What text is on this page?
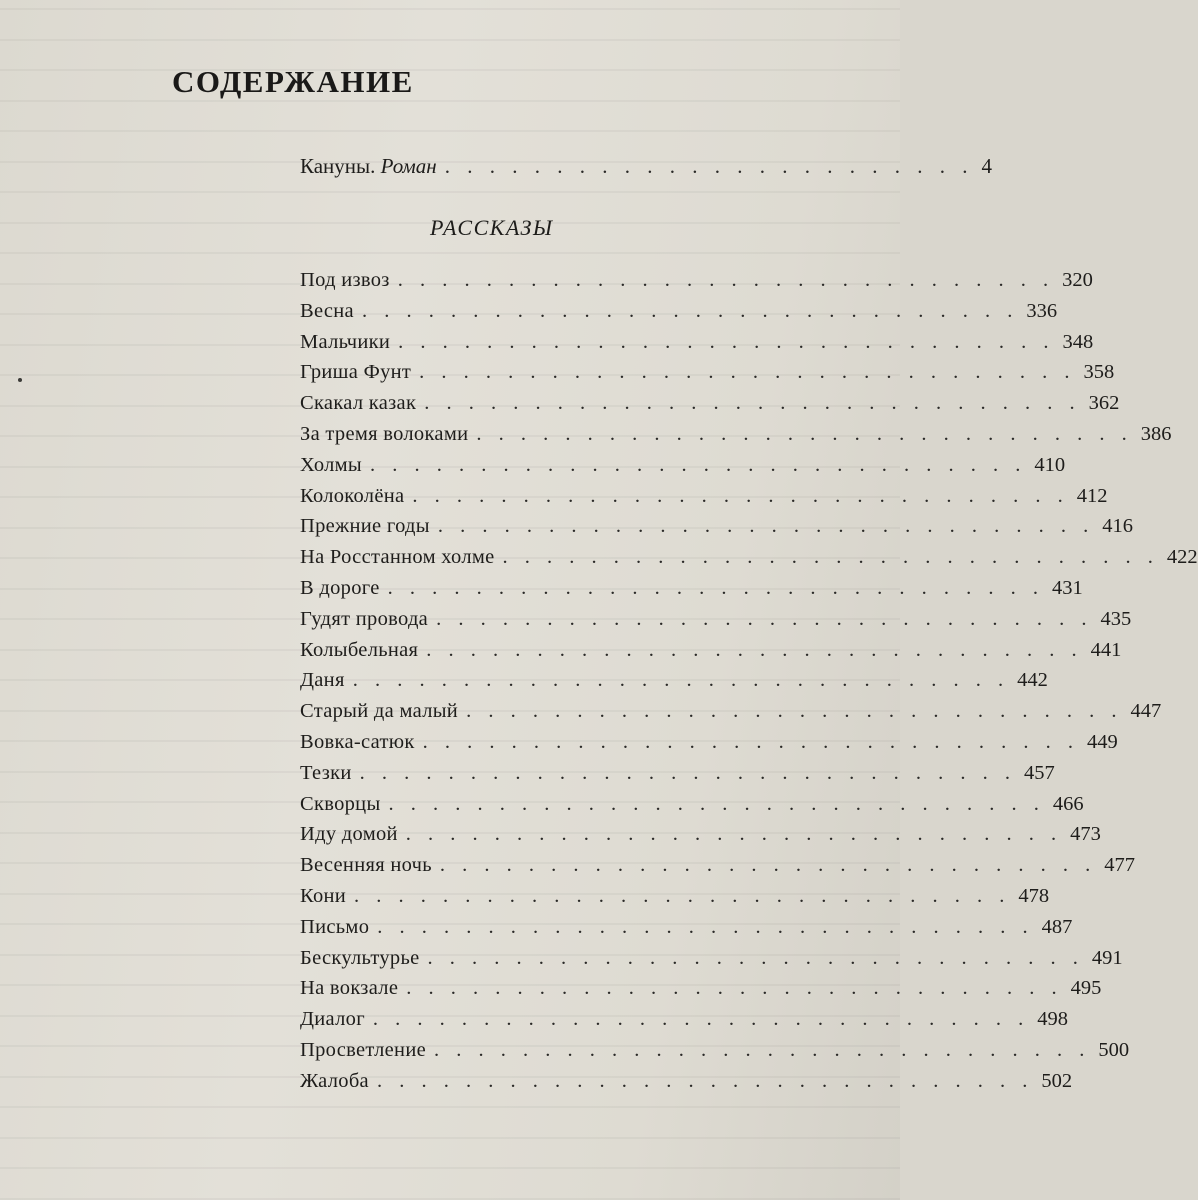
СОДЕРЖАНИЕ
Кануны. Роман . . . . . . . . . . . . . . . . . . . . . . . . 4
РАССКАЗЫ
Под извоз . . . . . . . . . . . . . . . . . . . . . . . . . . . . . . 320
Весна . . . . . . . . . . . . . . . . . . . . . . . . . . . . . . 336
Мальчики . . . . . . . . . . . . . . . . . . . . . . . . . . . . . . 348
Гриша Фунт . . . . . . . . . . . . . . . . . . . . . . . . . . . . . . 358
Скакал казак . . . . . . . . . . . . . . . . . . . . . . . . . . . . . . 362
За тремя волоками . . . . . . . . . . . . . . . . . . . . . . . . . . . . . . 386
Холмы . . . . . . . . . . . . . . . . . . . . . . . . . . . . . . 410
Колоколёна . . . . . . . . . . . . . . . . . . . . . . . . . . . . . . 412
Прежние годы . . . . . . . . . . . . . . . . . . . . . . . . . . . . . . 416
На Росстанном холме . . . . . . . . . . . . . . . . . . . . . . . . . . . . . . 422
В дороге . . . . . . . . . . . . . . . . . . . . . . . . . . . . . . 431
Гудят провода . . . . . . . . . . . . . . . . . . . . . . . . . . . . . . 435
Колыбельная . . . . . . . . . . . . . . . . . . . . . . . . . . . . . . 441
Даня . . . . . . . . . . . . . . . . . . . . . . . . . . . . . . 442
Старый да малый . . . . . . . . . . . . . . . . . . . . . . . . . . . . . . 447
Вовка-сатюк . . . . . . . . . . . . . . . . . . . . . . . . . . . . . . 449
Тезки . . . . . . . . . . . . . . . . . . . . . . . . . . . . . . 457
Скворцы . . . . . . . . . . . . . . . . . . . . . . . . . . . . . . 466
Иду домой . . . . . . . . . . . . . . . . . . . . . . . . . . . . . . 473
Весенняя ночь . . . . . . . . . . . . . . . . . . . . . . . . . . . . . . 477
Кони . . . . . . . . . . . . . . . . . . . . . . . . . . . . . . 478
Письмо . . . . . . . . . . . . . . . . . . . . . . . . . . . . . . 487
Бескультурье . . . . . . . . . . . . . . . . . . . . . . . . . . . . . . 491
На вокзале . . . . . . . . . . . . . . . . . . . . . . . . . . . . . . 495
Диалог . . . . . . . . . . . . . . . . . . . . . . . . . . . . . . 498
Просветление . . . . . . . . . . . . . . . . . . . . . . . . . . . . . . 500
Жалоба . . . . . . . . . . . . . . . . . . . . . . . . . . . . . . 502
